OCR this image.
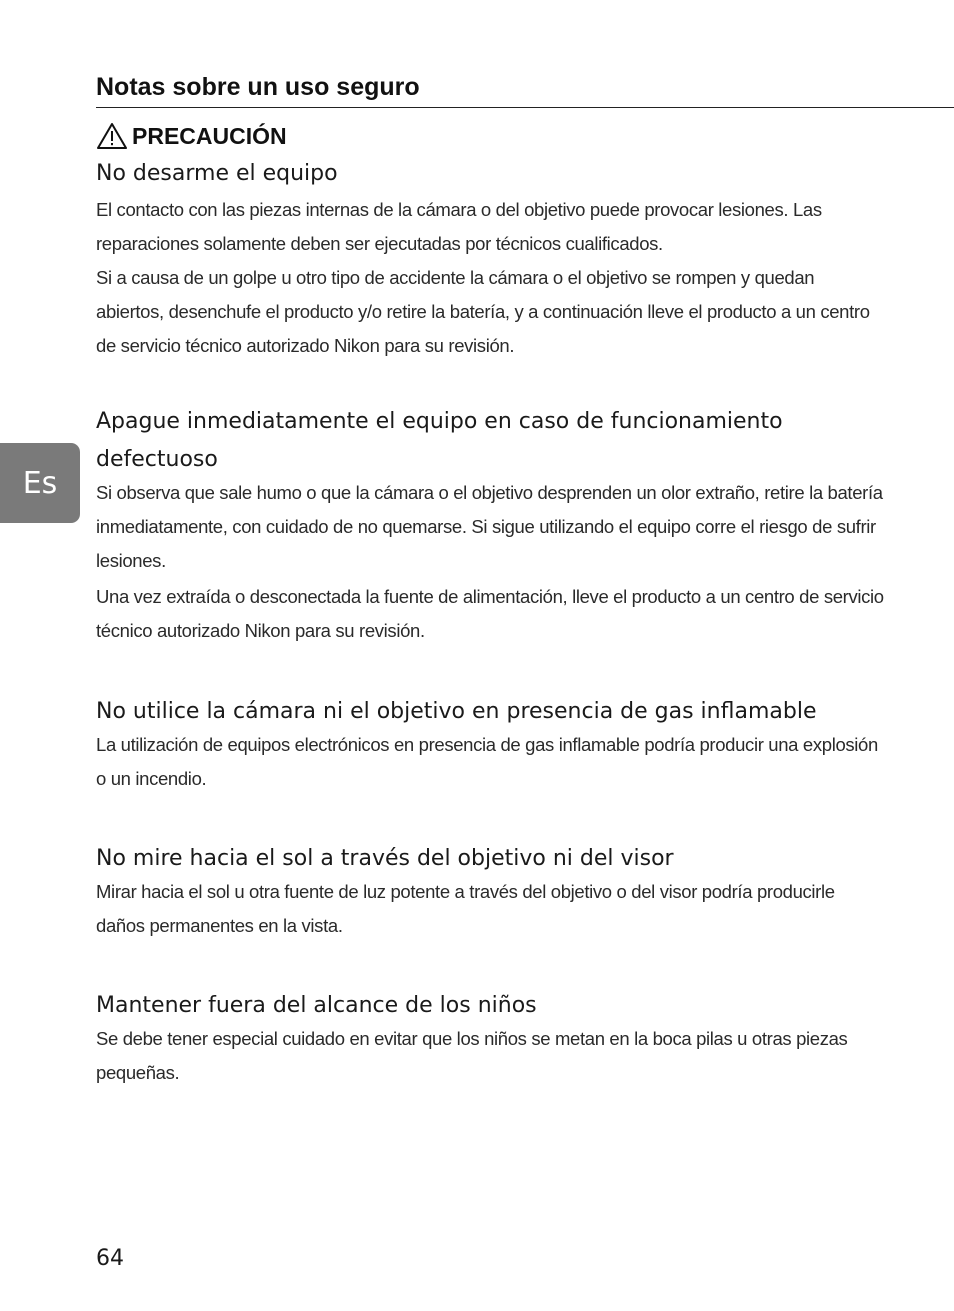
Notas sobre un uso seguro
PRECAUCIÓN
No desarme el equipo

El contacto con las piezas internas de la cámara o del objetivo puede provocar lesiones. Las reparaciones solamente deben ser ejecutadas por técnicos cualificados.

Si a causa de un golpe u otro tipo de accidente la cámara o el objetivo se rompen y quedan abiertos, desenchufe el producto y/o retire la batería, y a continuación lleve el producto a un centro de servicio técnico autorizado Nikon para su revisión.

Apague inmediatamente el equipo en caso de funcionamiento defectuoso

Si observa que sale humo o que la cámara o el objetivo desprenden un olor extraño, retire la batería inmediatamente, con cuidado de no quemarse. Si sigue utilizando el equipo corre el riesgo de sufrir lesiones.

Una vez extraída o desconectada la fuente de alimentación, lleve el producto a un centro de servicio técnico autorizado Nikon para su revisión.

No utilice la cámara ni el objetivo en presencia de gas inflamable

La utilización de equipos electrónicos en presencia de gas inflamable podría producir una explosión o un incendio.

No mire hacia el sol a través del objetivo ni del visor

Mirar hacia el sol u otra fuente de luz potente a través del objetivo o del visor podría producirle daños permanentes en la vista.

Mantener fuera del alcance de los niños

Se debe tener especial cuidado en evitar que los niños se metan en la boca pilas u otras piezas pequeñas.

Es
64
